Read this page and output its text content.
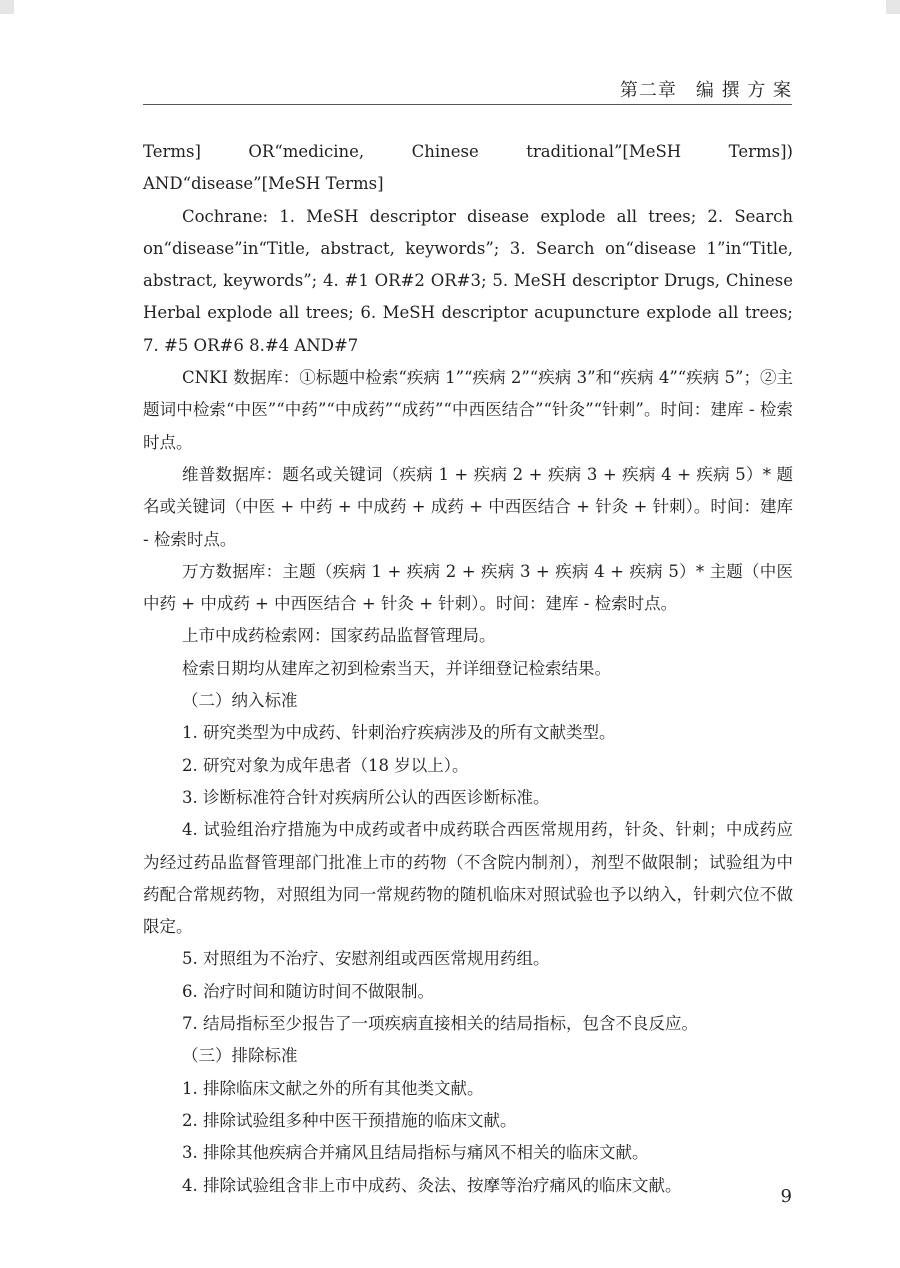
第二章　编 撰 方 案

Terms] OR“medicine, Chinese traditional”[MeSH Terms]) AND“disease”[MeSH Terms]

Cochrane: 1. MeSH descriptor disease explode all trees; 2. Search on“disease”in“Title, abstract, keywords”; 3. Search on“disease 1”in“Title, abstract, keywords”; 4. #1 OR#2 OR#3; 5. MeSH descriptor Drugs, Chinese Herbal explode all trees; 6. MeSH descriptor acupuncture explode all trees; 7. #5 OR#6 8.#4 AND#7

CNKI 数据库：①标题中检索“疾病 1”“疾病 2”“疾病 3”和“疾病 4”“疾病 5”；②主题词中检索“中医”“中药”“中成药”“成药”“中西医结合”“针灸”“针刺”。时间：建库 - 检索时点。

维普数据库：题名或关键词（疾病 1 + 疾病 2 + 疾病 3 + 疾病 4 + 疾病 5）* 题名或关键词（中医 + 中药 + 中成药 + 成药 + 中西医结合 + 针灸 + 针刺）。时间：建库 - 检索时点。

万方数据库：主题（疾病 1 + 疾病 2 + 疾病 3 + 疾病 4 + 疾病 5）* 主题（中医中药 + 中成药 + 中西医结合 + 针灸 + 针刺）。时间：建库 - 检索时点。

上市中成药检索网：国家药品监督管理局。

检索日期均从建库之初到检索当天，并详细登记检索结果。

（二）纳入标准

1. 研究类型为中成药、针刺治疗疾病涉及的所有文献类型。

2. 研究对象为成年患者（18 岁以上）。

3. 诊断标准符合针对疾病所公认的西医诊断标准。

4. 试验组治疗措施为中成药或者中成药联合西医常规用药，针灸、针刺；中成药应为经过药品监督管理部门批准上市的药物（不含院内制剂），剂型不做限制；试验组为中药配合常规药物，对照组为同一常规药物的随机临床对照试验也予以纳入，针刺穴位不做限定。

5. 对照组为不治疗、安慰剂组或西医常规用药组。

6. 治疗时间和随访时间不做限制。

7. 结局指标至少报告了一项疾病直接相关的结局指标，包含不良反应。

（三）排除标准

1. 排除临床文献之外的所有其他类文献。

2. 排除试验组多种中医干预措施的临床文献。

3. 排除其他疾病合并痛风且结局指标与痛风不相关的临床文献。

4. 排除试验组含非上市中成药、灸法、按摩等治疗痛风的临床文献。

9
